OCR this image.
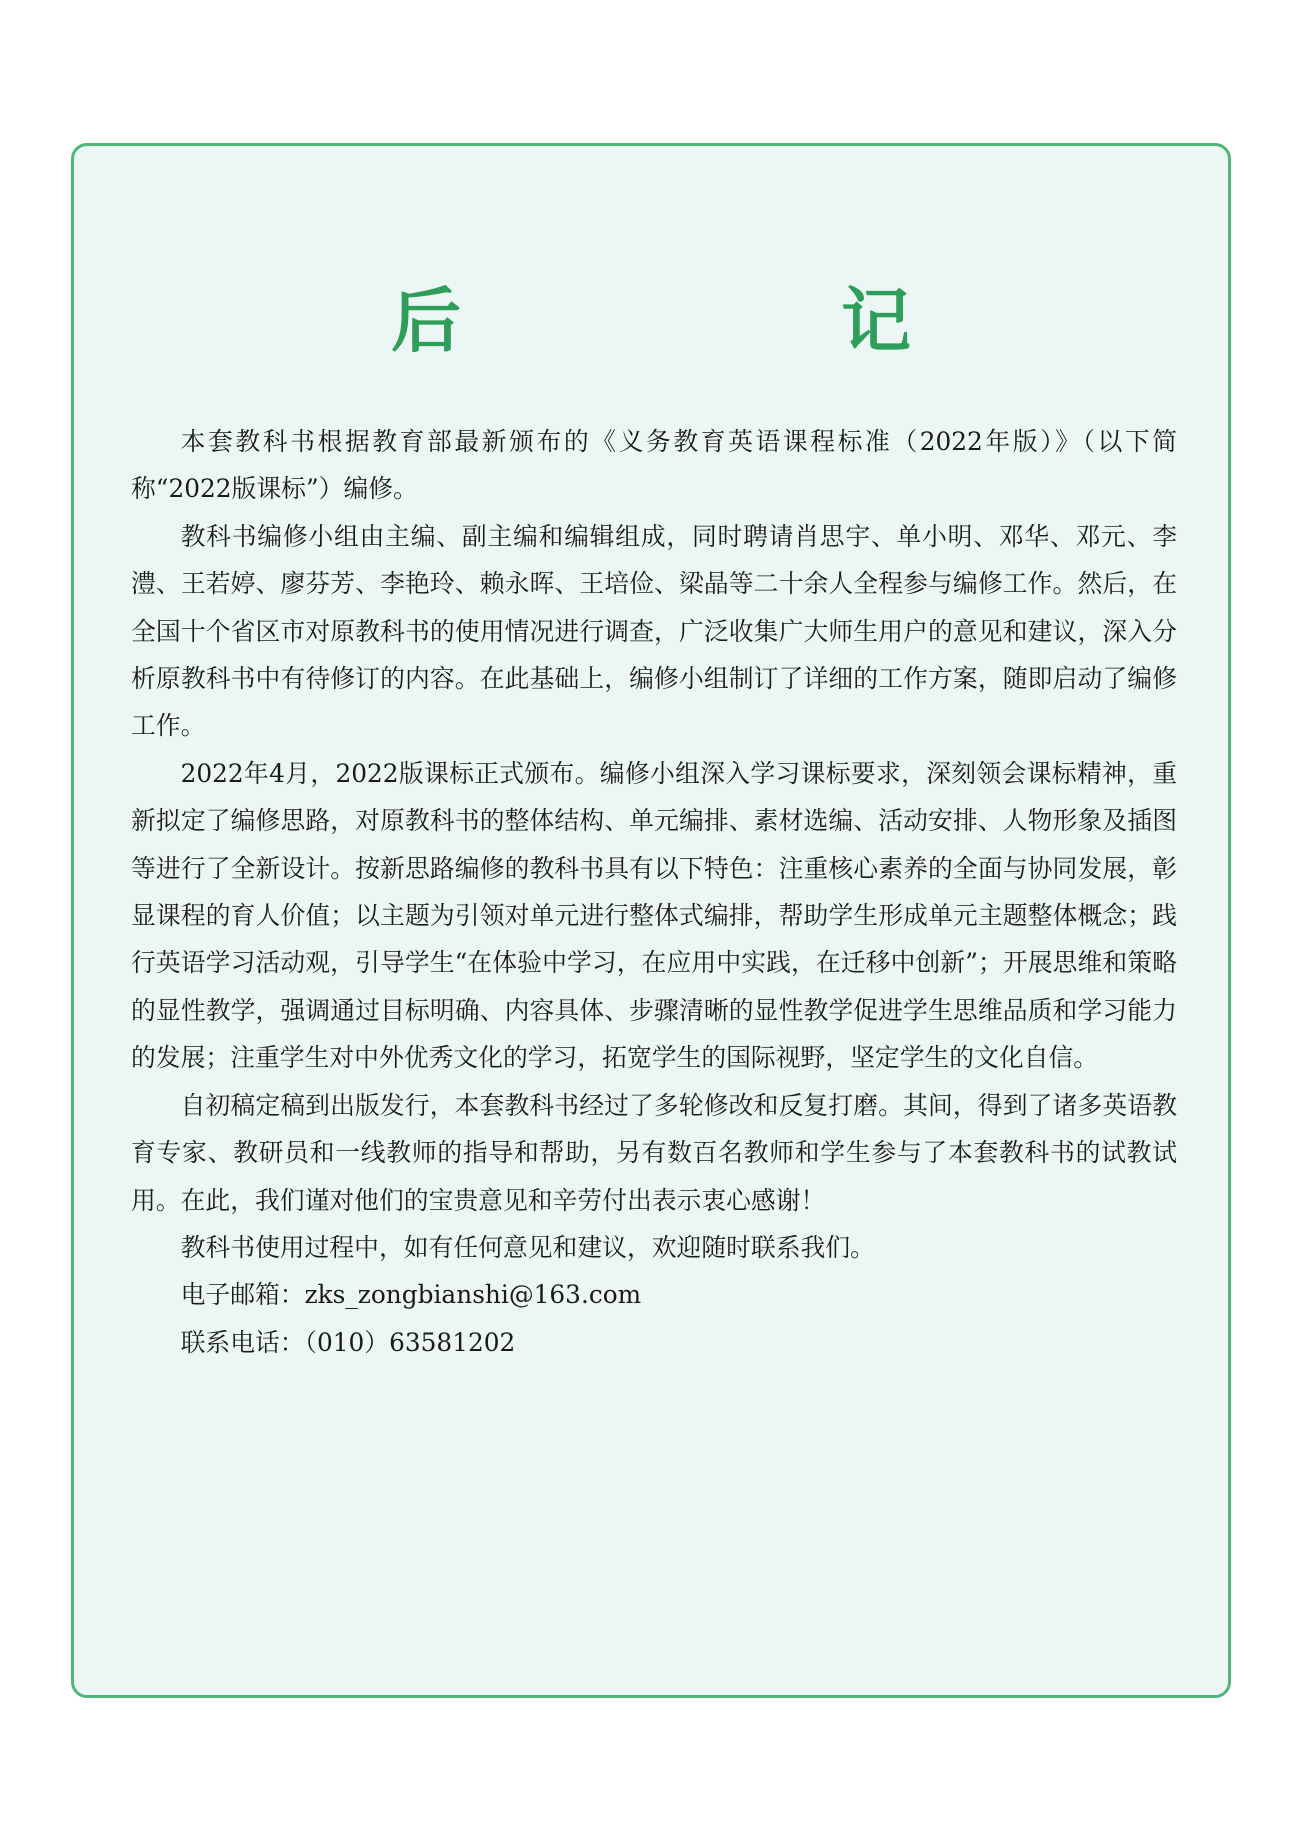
后　　记

本套教科书根据教育部最新颁布的《义务教育英语课程标准（2022年版）》（以下简称“2022版课标”）编修。

教科书编修小组由主编、副主编和编辑组成，同时聘请肖思宇、单小明、邓华、邓元、李澧、王若婷、廖芬芳、李艳玲、赖永晖、王培俭、梁晶等二十余人全程参与编修工作。然后，在全国十个省区市对原教科书的使用情况进行调查，广泛收集广大师生用户的意见和建议，深入分析原教科书中有待修订的内容。在此基础上，编修小组制订了详细的工作方案，随即启动了编修工作。

2022年4月，2022版课标正式颁布。编修小组深入学习课标要求，深刻领会课标精神，重新拟定了编修思路，对原教科书的整体结构、单元编排、素材选编、活动安排、人物形象及插图等进行了全新设计。按新思路编修的教科书具有以下特色：注重核心素养的全面与协同发展，彰显课程的育人价值；以主题为引领对单元进行整体式编排，帮助学生形成单元主题整体概念；践行英语学习活动观，引导学生“在体验中学习，在应用中实践，在迁移中创新”；开展思维和策略的显性教学，强调通过目标明确、内容具体、步骤清晰的显性教学促进学生思维品质和学习能力的发展；注重学生对中外优秀文化的学习，拓宽学生的国际视野，坚定学生的文化自信。

自初稿定稿到出版发行，本套教科书经过了多轮修改和反复打磨。其间，得到了诸多英语教育专家、教研员和一线教师的指导和帮助，另有数百名教师和学生参与了本套教科书的试教试用。在此，我们谨对他们的宝贵意见和辛劳付出表示衷心感谢！

教科书使用过程中，如有任何意见和建议，欢迎随时联系我们。

电子邮箱：zks_zongbianshi@163.com

联系电话：（010）63581202
